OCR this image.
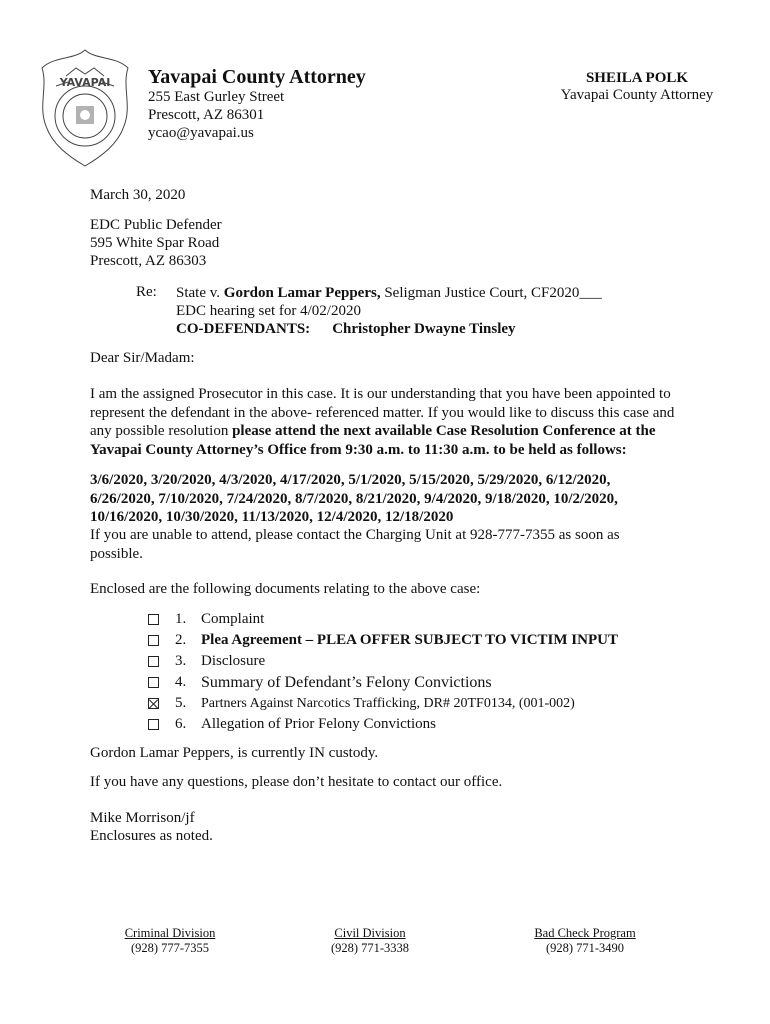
YAVAPAI Yavapai County Attorney
255 East Gurley Street
Prescott, AZ 86301
ycao@yavapai.us
SHEILA POLK
Yavapai County Attorney
March 30, 2020
EDC Public Defender
595 White Spar Road
Prescott, AZ 86303
Re: State v. Gordon Lamar Peppers, Seligman Justice Court, CF2020___
EDC hearing set for 4/02/2020
CO-DEFENDANTS: Christopher Dwayne Tinsley
Dear Sir/Madam:
I am the assigned Prosecutor in this case. It is our understanding that you have been appointed to represent the defendant in the above- referenced matter. If you would like to discuss this case and any possible resolution please attend the next available Case Resolution Conference at the Yavapai County Attorney’s Office from 9:30 a.m. to 11:30 a.m. to be held as follows:
3/6/2020, 3/20/2020, 4/3/2020, 4/17/2020, 5/1/2020, 5/15/2020, 5/29/2020, 6/12/2020, 6/26/2020, 7/10/2020, 7/24/2020, 8/7/2020, 8/21/2020, 9/4/2020, 9/18/2020, 10/2/2020, 10/16/2020, 10/30/2020, 11/13/2020, 12/4/2020, 12/18/2020
If you are unable to attend, please contact the Charging Unit at 928-777-7355 as soon as possible.
Enclosed are the following documents relating to the above case:
1. Complaint
2. Plea Agreement – PLEA OFFER SUBJECT TO VICTIM INPUT
3. Disclosure
4. Summary of Defendant’s Felony Convictions
5.	Partners Against Narcotics Trafficking, DR# 20TF0134, (001-002)
6. Allegation of Prior Felony Convictions
Gordon Lamar Peppers, is currently IN custody.
If you have any questions, please don’t hesitate to contact our office.
Mike Morrison/jf
Enclosures as noted.
Criminal Division
(928) 777-7355
Civil Division
(928) 771-3338
Bad Check Program
(928) 771-3490
